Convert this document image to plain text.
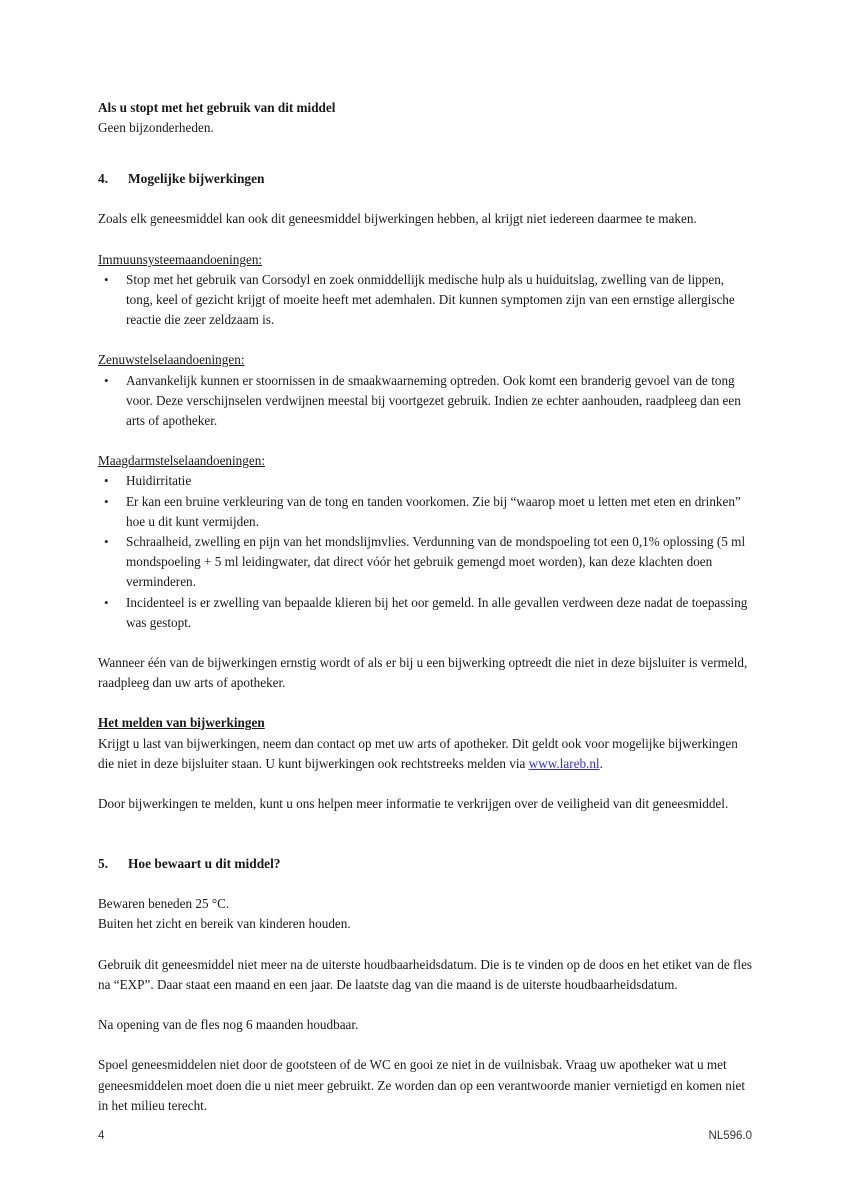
Als u stopt met het gebruik van dit middel
Geen bijzonderheden.
4. Mogelijke bijwerkingen
Zoals elk geneesmiddel kan ook dit geneesmiddel bijwerkingen hebben, al krijgt niet iedereen daarmee te maken.
Immuunsysteemaandoeningen:
• Stop met het gebruik van Corsodyl en zoek onmiddellijk medische hulp als u huiduitslag, zwelling van de lippen, tong, keel of gezicht krijgt of moeite heeft met ademhalen. Dit kunnen symptomen zijn van een ernstige allergische reactie die zeer zeldzaam is.
Zenuwstelselaandoeningen:
• Aanvankelijk kunnen er stoornissen in de smaakwaarneming optreden. Ook komt een branderig gevoel van de tong voor. Deze verschijnselen verdwijnen meestal bij voortgezet gebruik. Indien ze echter aanhouden, raadpleeg dan een arts of apotheker.
Maagdarmstelselaandoeningen:
• Huidirritatie
• Er kan een bruine verkleuring van de tong en tanden voorkomen. Zie bij “waarop moet u letten met eten en drinken” hoe u dit kunt vermijden.
• Schraalheid, zwelling en pijn van het mondslijmvlies. Verdunning van de mondspoeling tot een 0,1% oplossing (5 ml mondspoeling + 5 ml leidingwater, dat direct vóór het gebruik gemengd moet worden), kan deze klachten doen verminderen.
• Incidenteel is er zwelling van bepaalde klieren bij het oor gemeld. In alle gevallen verdween deze nadat de toepassing was gestopt.
Wanneer één van de bijwerkingen ernstig wordt of als er bij u een bijwerking optreedt die niet in deze bijsluiter is vermeld, raadpleeg dan uw arts of apotheker.
Het melden van bijwerkingen
Krijgt u last van bijwerkingen, neem dan contact op met uw arts of apotheker. Dit geldt ook voor mogelijke bijwerkingen die niet in deze bijsluiter staan. U kunt bijwerkingen ook rechtstreeks melden via www.lareb.nl.
Door bijwerkingen te melden, kunt u ons helpen meer informatie te verkrijgen over de veiligheid van dit geneesmiddel.
5. Hoe bewaart u dit middel?
Bewaren beneden 25 °C.
Buiten het zicht en bereik van kinderen houden.
Gebruik dit geneesmiddel niet meer na de uiterste houdbaarheidsdatum. Die is te vinden op de doos en het etiket van de fles na “EXP”. Daar staat een maand en een jaar. De laatste dag van die maand is de uiterste houdbaarheidsdatum.
Na opening van de fles nog 6 maanden houdbaar.
Spoel geneesmiddelen niet door de gootsteen of de WC en gooi ze niet in de vuilnisbak. Vraag uw apotheker wat u met geneesmiddelen moet doen die u niet meer gebruikt. Ze worden dan op een verantwoorde manier vernietigd en komen niet in het milieu terecht.
4	NL596.0
